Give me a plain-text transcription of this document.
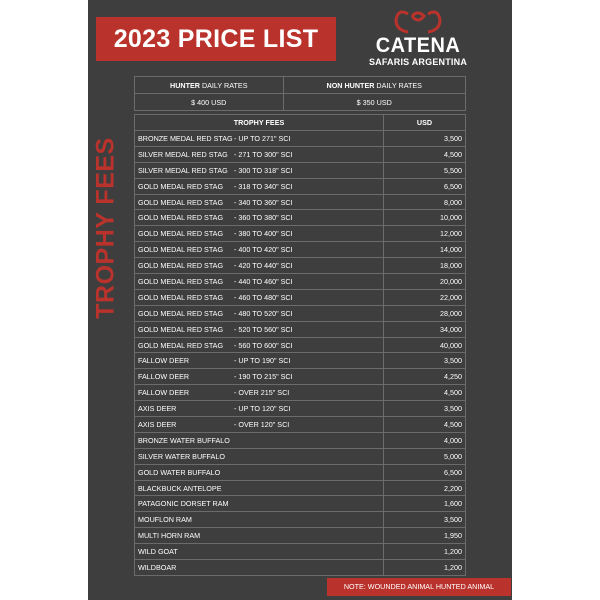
2023 PRICE LIST	CATENA
SAFARIS ARGENTINA
TROPHY FEES
HUNTER DAILY RATES	NON HUNTER DAILY RATES
$ 400 USD	$ 350 USD
TROPHY FEES	USD
BRONZE MEDAL RED STAG- UP TO 271" SCI	3,500
SILVER MEDAL RED STAG - 271 TO 300" SCI	4,500
SILVER MEDAL RED STAG - 300 TO 318" SCI	5,500
GOLD MEDAL RED STAG - 318 TO 340" SCI	6,500
GOLD MEDAL RED STAG - 340 TO 360" SCI	8,000
GOLD MEDAL RED STAG - 360 TO 380" SCI	10,000
GOLD MEDAL RED STAG - 380 TO 400" SCI	12,000
GOLD MEDAL RED STAG - 400 TO 420" SCI	14,000
GOLD MEDAL RED STAG - 420 TO 440" SCI	18,000
GOLD MEDAL RED STAG - 440 TO 460" SCI	20,000
GOLD MEDAL RED STAG - 460 TO 480" SCI	22,000
GOLD MEDAL RED STAG - 480 TO 520" SCI	28,000
GOLD MEDAL RED STAG - 520 TO 560" SCI	34,000
GOLD MEDAL RED STAG - 560 TO 600" SCI	40,000
FALLOW DEER - UP TO 190" SCI	3,500
FALLOW DEER - 190 TO 215" SCI	4,250
FALLOW DEER - OVER 215" SCI	4,500
AXIS DEER - UP TO 120" SCI	3,500
AXIS DEER - OVER 120" SCI	4,500
BRONZE WATER BUFFALO	4,000
SILVER WATER BUFFALO	5,000
GOLD WATER BUFFALO	6,500
BLACKBUCK ANTELOPE	2,200
PATAGONIC DORSET RAM	1,600
MOUFLON RAM	3,500
MULTI HORN RAM	1,950
WILD GOAT	1,200
WILDBOAR	1,200
NOTE: WOUNDED ANIMAL HUNTED ANIMAL
